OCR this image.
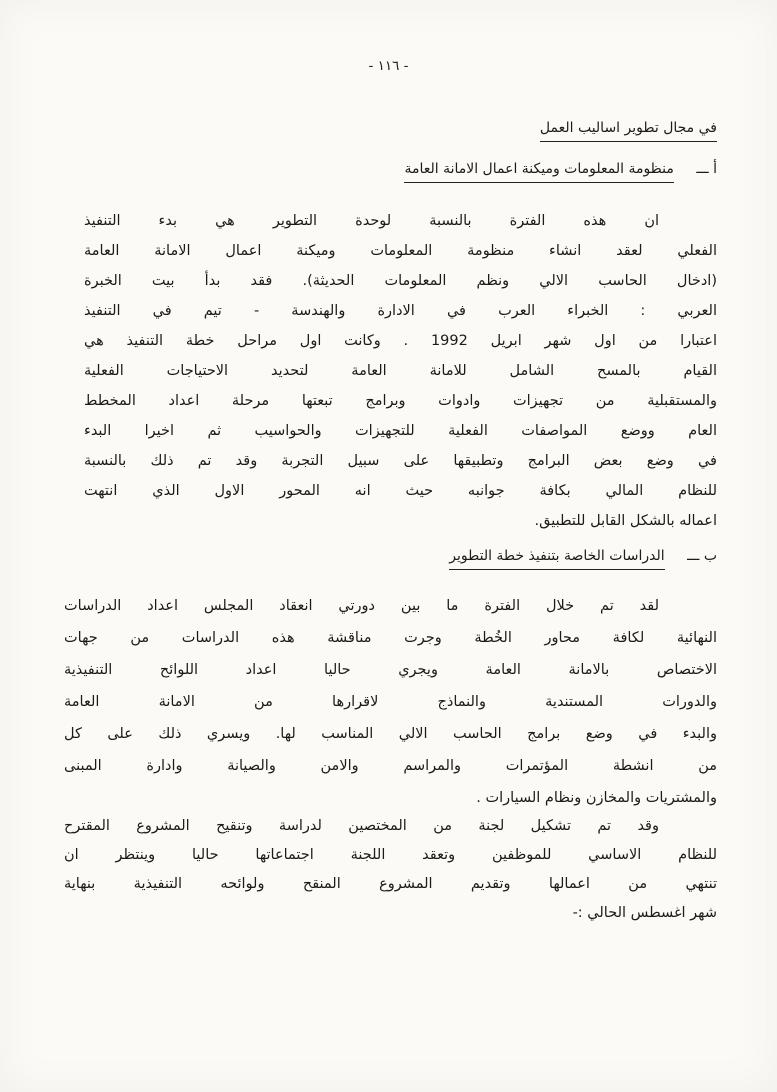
- ١١٦ -
في مجال تطوير اساليب العمل
أ ـــ منظومة المعلومات وميكنة اعمال الامانة العامة
ان هذه الفترة بالنسبة لوحدة التطوير هي بدء التنفيذ
الفعلي لعقد انشاء منظومة المعلومات وميكنة اعمال الامانة العامة
(ادخال الحاسب الالي ونظم المعلومات الحديثة). فقد بدأ بيت الخبرة
العربي : الخبراء العرب في الادارة والهندسة - تيم في التنفيذ
اعتبارا من اول شهر ابريل 1992 . وكانت اول مراحل خطة التنفيذ هي
القيام بالمسح الشامل للامانة العامة لتحديد الاحتياجات الفعلية
والمستقبلية من تجهيزات وادوات وبرامج تبعتها مرحلة اعداد المخطط
العام ووضع المواصفات الفعلية للتجهيزات والحواسيب ثم اخيرا البدء
في وضع بعض البرامج وتطبيقها على سبيل التجربة وقد تم ذلك بالنسبة
للنظام المالي بكافة جوانبه حيث انه المحور الاول الذي انتهت
اعماله بالشكل القابل للتطبيق.
ب ـــ الدراسات الخاصة بتنفيذ خطة التطوير
لقد تم خلال الفترة ما بين دورتي انعقاد المجلس اعداد الدراسات
النهائية لكافة محاور الخُطة وجرت مناقشة هذه الدراسات من جهات
الاختصاص بالامانة العامة ويجري حاليا اعداد اللوائح التنفيذية
والدورات المستندية والنماذج لاقرارها من الامانة العامة
والبدء في وضع برامج الحاسب الالي المناسب لها. ويسري ذلك على كل
من انشطة المؤتمرات والمراسم والامن والصيانة وادارة المبنى
والمشتريات والمخازن ونظام السيارات .
وقد تم تشكيل لجنة من المختصين لدراسة وتنقيح المشروع المقترح
للنظام الاساسي للموظفين وتعقد اللجنة اجتماعاتها حاليا وينتظر ان
تنتهي من اعمالها وتقديم المشروع المنقح ولوائحه التنفيذية بنهاية
شهر اغسطس الحالي :-
